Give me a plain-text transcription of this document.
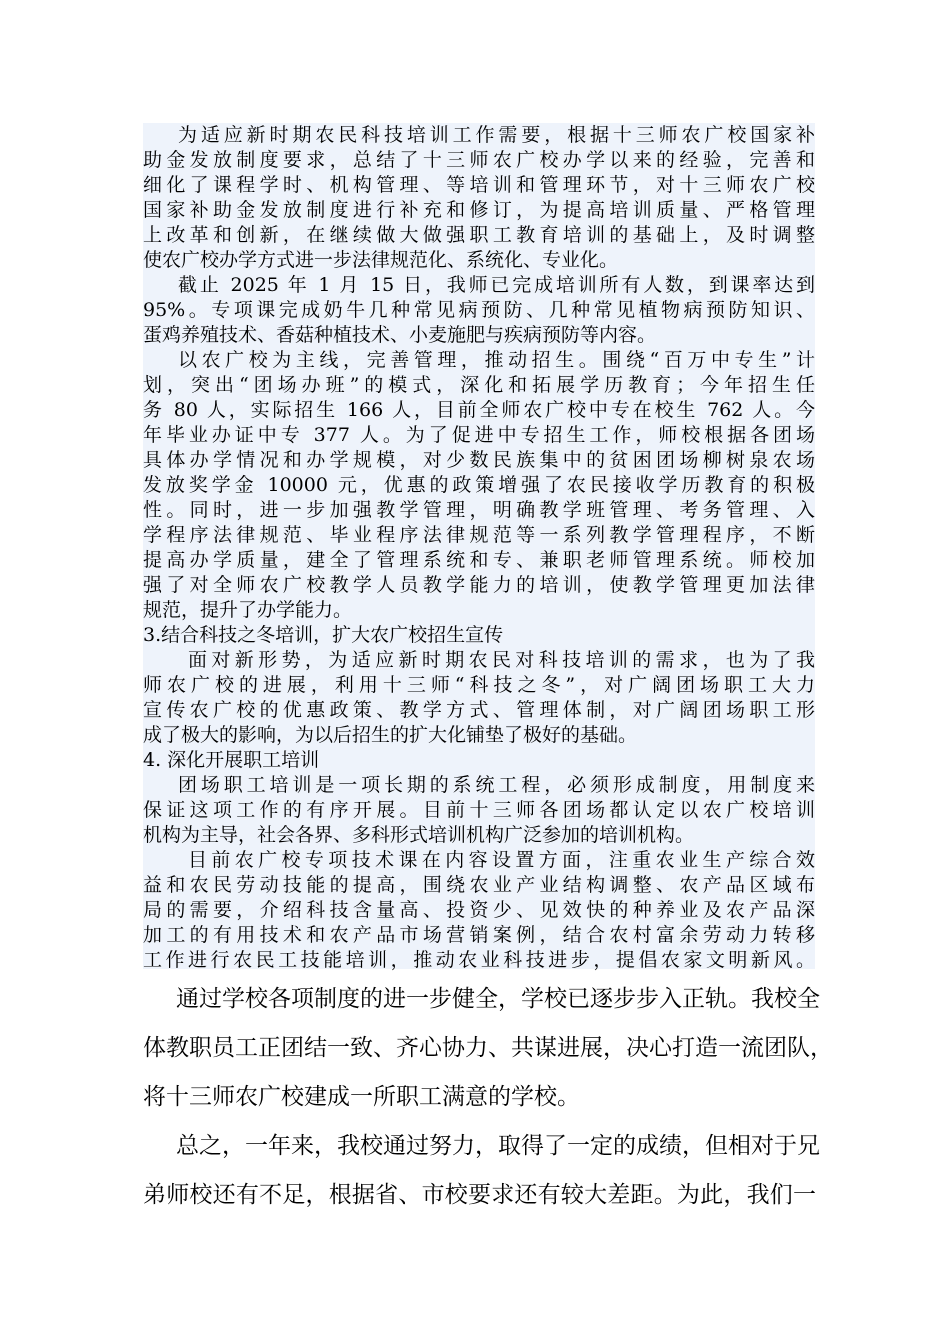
为适应新时期农民科技培训工作需要，根据十三师农广校国家补
助金发放制度要求，总结了十三师农广校办学以来的经验，完善和
细化了课程学时、机构管理、等培训和管理环节，对十三师农广校
国家补助金发放制度进行补充和修订，为提高培训质量、严格管理
上改革和创新，在继续做大做强职工教育培训的基础上，及时调整
使农广校办学方式进一步法律规范化、系统化、专业化。
截止 2025 年 1 月 15 日，我师已完成培训所有人数，到课率达到
95%。专项课完成奶牛几种常见病预防、几种常见植物病预防知识、
蛋鸡养殖技术、香菇种植技术、小麦施肥与疾病预防等内容。
以农广校为主线，完善管理，推动招生。围绕“百万中专生”计
划，突出“团场办班”的模式，深化和拓展学历教育；今年招生任
务 80 人，实际招生 166 人，目前全师农广校中专在校生 762 人。今
年毕业办证中专 377 人。为了促进中专招生工作，师校根据各团场
具体办学情况和办学规模，对少数民族集中的贫困团场柳树泉农场
发放奖学金 10000 元，优惠的政策增强了农民接收学历教育的积极
性。同时，进一步加强教学管理，明确教学班管理、考务管理、入
学程序法律规范、毕业程序法律规范等一系列教学管理程序，不断
提高办学质量，建全了管理系统和专、兼职老师管理系统。师校加
强了对全师农广校教学人员教学能力的培训，使教学管理更加法律
规范，提升了办学能力。
3.结合科技之冬培训，扩大农广校招生宣传
面对新形势，为适应新时期农民对科技培训的需求，也为了我
师农广校的进展，利用十三师“科技之冬”，对广阔团场职工大力
宣传农广校的优惠政策、教学方式、管理体制，对广阔团场职工形
成了极大的影响，为以后招生的扩大化铺垫了极好的基础。
4. 深化开展职工培训
团场职工培训是一项长期的系统工程，必须形成制度，用制度来
保证这项工作的有序开展。目前十三师各团场都认定以农广校培训
机构为主导，社会各界、多科形式培训机构广泛参加的培训机构。
目前农广校专项技术课在内容设置方面，注重农业生产综合效
益和农民劳动技能的提高，围绕农业产业结构调整、农产品区域布
局的需要，介绍科技含量高、投资少、见效快的种养业及农产品深
加工的有用技术和农产品市场营销案例，结合农村富余劳动力转移
工作进行农民工技能培训，推动农业科技进步，提倡农家文明新风。
通过学校各项制度的进一步健全，学校已逐步步入正轨。我校全
体教职员工正团结一致、齐心协力、共谋进展，决心打造一流团队，
将十三师农广校建成一所职工满意的学校。
总之，一年来，我校通过努力，取得了一定的成绩，但相对于兄
弟师校还有不足，根据省、市校要求还有较大差距。为此，我们一
